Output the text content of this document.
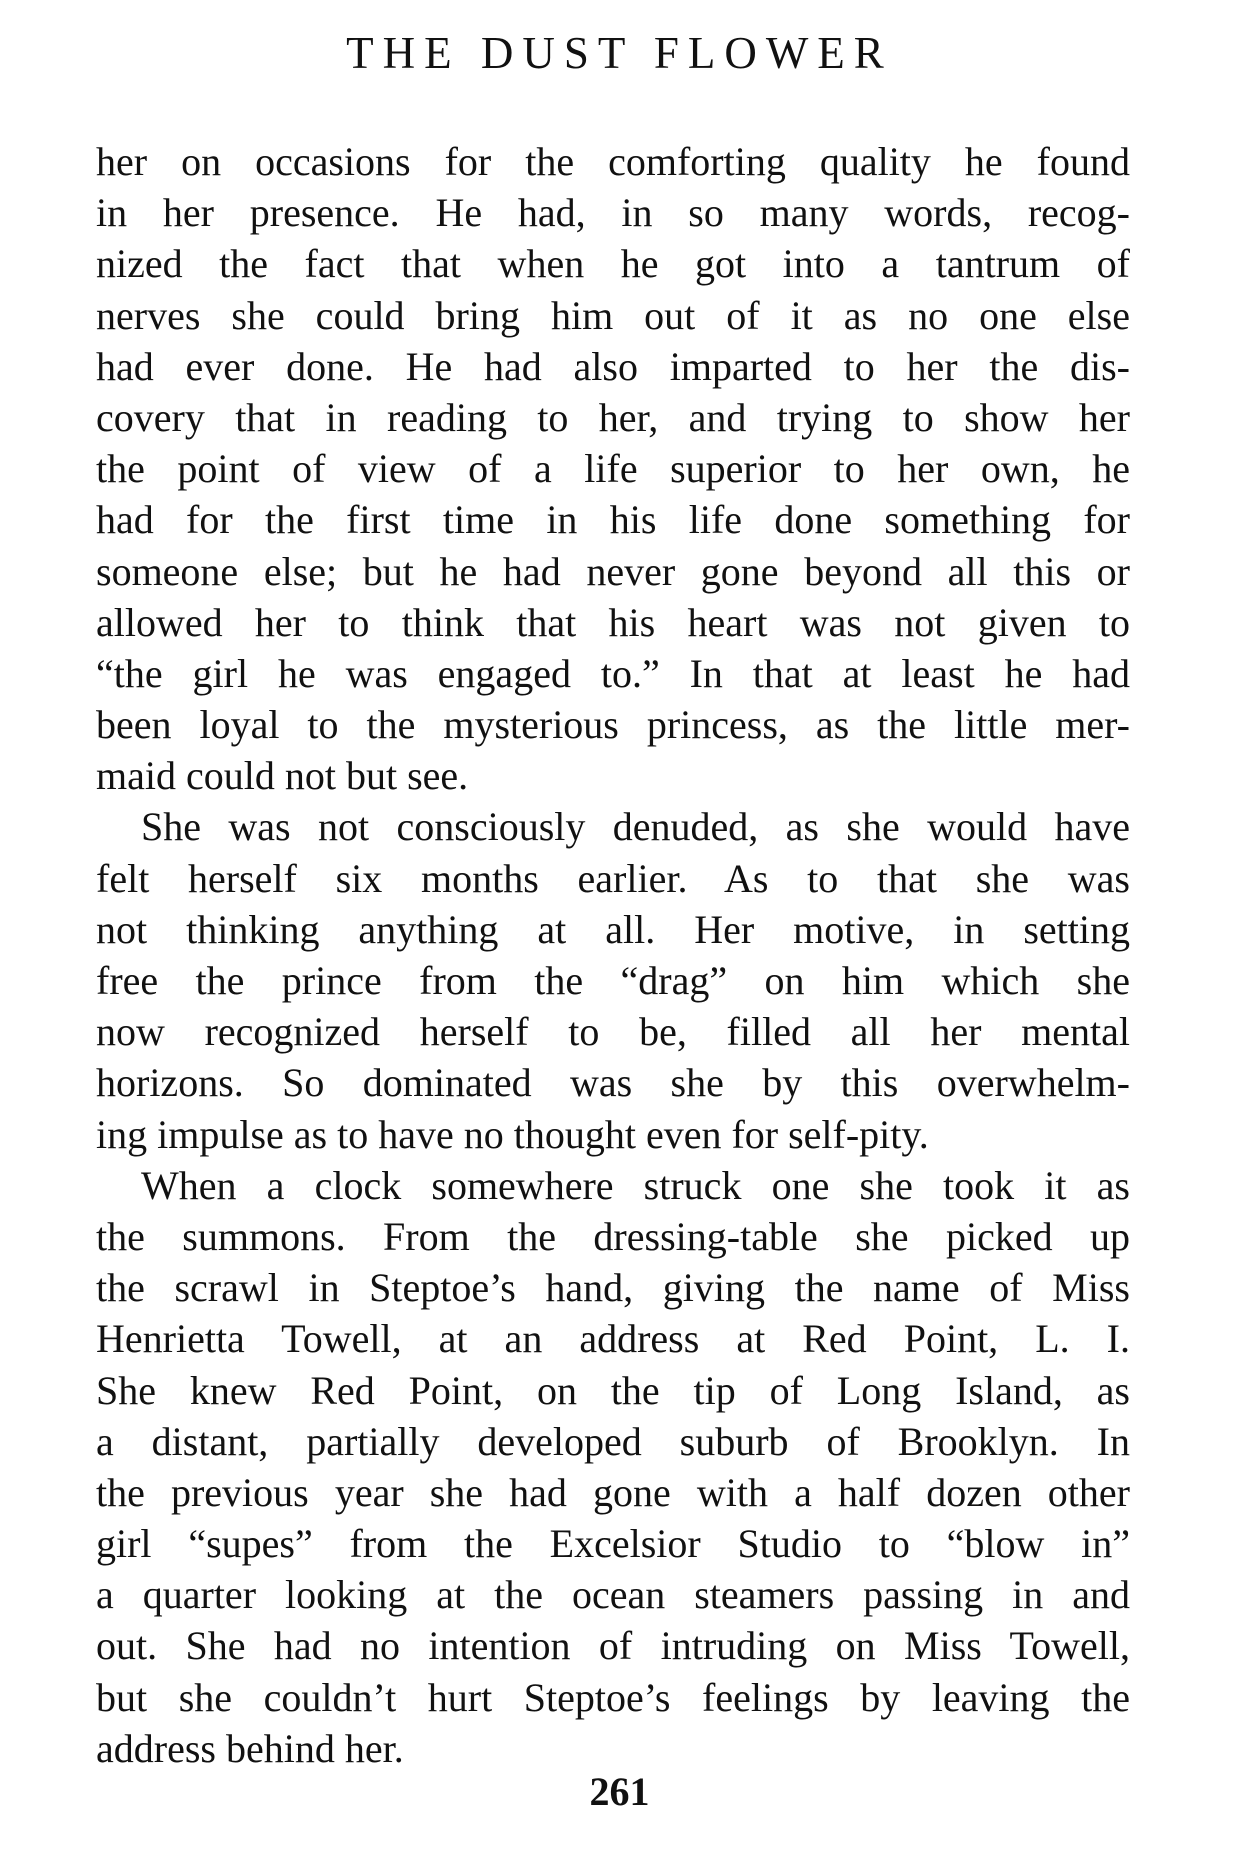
THE DUST FLOWER
her on occasions for the comforting quality he found
in her presence. He had, in so many words, recog-
nized the fact that when he got into a tantrum of
nerves she could bring him out of it as no one else
had ever done. He had also imparted to her the dis-
covery that in reading to her, and trying to show her
the point of view of a life superior to her own, he
had for the first time in his life done something for
someone else; but he had never gone beyond all this or
allowed her to think that his heart was not given to
“the girl he was engaged to.” In that at least he had
been loyal to the mysterious princess, as the little mer-
maid could not but see.
She was not consciously denuded, as she would have
felt herself six months earlier. As to that she was
not thinking anything at all. Her motive, in setting
free the prince from the “drag” on him which she
now recognized herself to be, filled all her mental
horizons. So dominated was she by this overwhelm-
ing impulse as to have no thought even for self-pity.
When a clock somewhere struck one she took it as
the summons. From the dressing-table she picked up
the scrawl in Steptoe’s hand, giving the name of Miss
Henrietta Towell, at an address at Red Point, L. I.
She knew Red Point, on the tip of Long Island, as
a distant, partially developed suburb of Brooklyn. In
the previous year she had gone with a half dozen other
girl “supes” from the Excelsior Studio to “blow in”
a quarter looking at the ocean steamers passing in and
out. She had no intention of intruding on Miss Towell,
but she couldn’t hurt Steptoe’s feelings by leaving the
address behind her.
261
